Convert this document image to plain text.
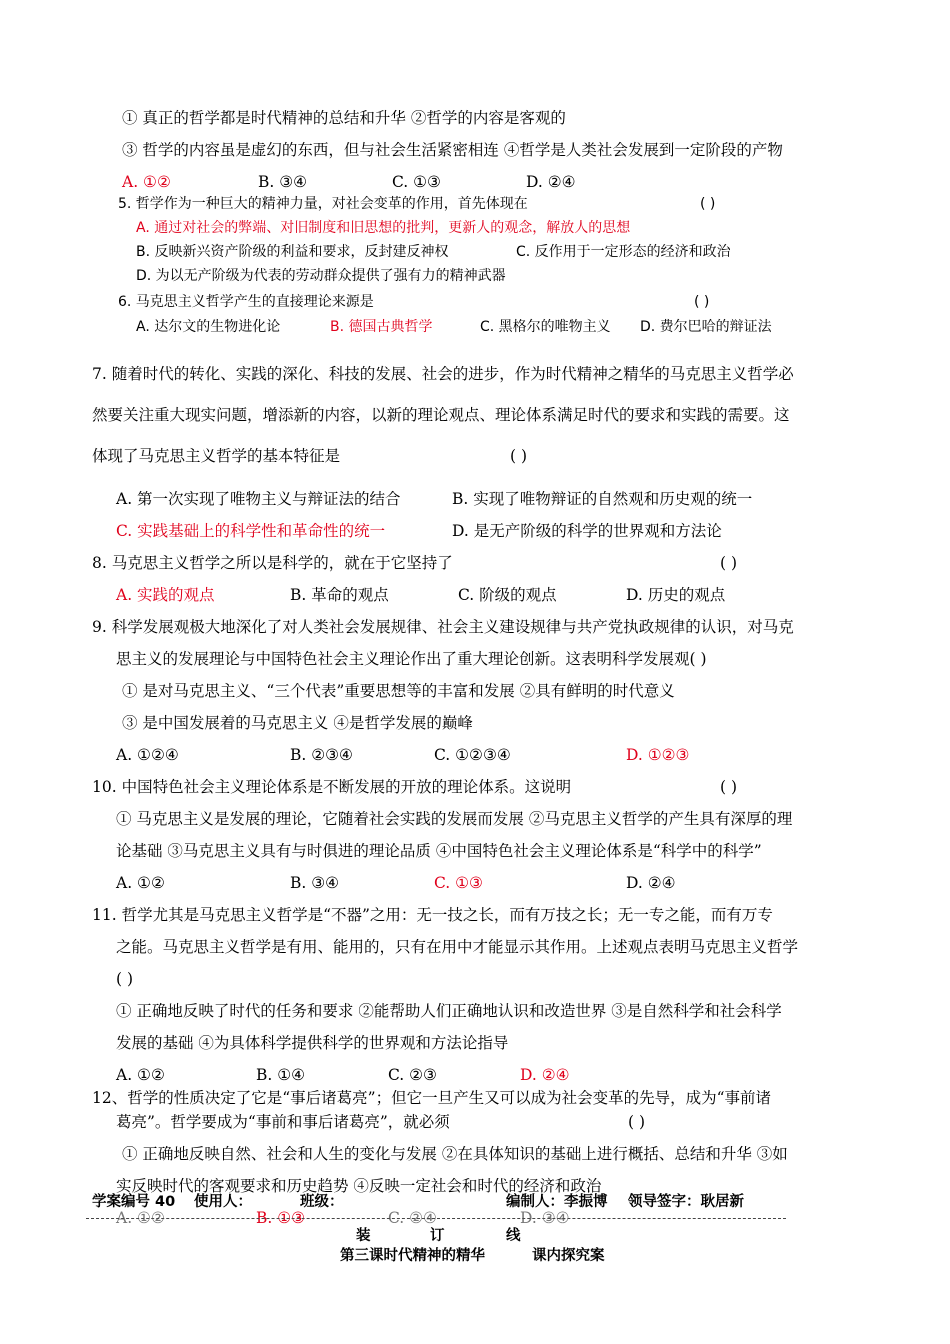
① 真正的哲学都是时代精神的总结和升华 ②哲学的内容是客观的
③ 哲学的内容虽是虚幻的东西，但与社会生活紧密相连 ④哲学是人类社会发展到一定阶段的产物
A. ①②	B. ③④	C. ①③	D. ②④
5. 哲学作为一种巨大的精神力量，对社会变革的作用，首先体现在	( )
A. 通过对社会的弊端、对旧制度和旧思想的批判，更新人的观念，解放人的思想
B. 反映新兴资产阶级的利益和要求，反封建反神权	C. 反作用于一定形态的经济和政治
D. 为以无产阶级为代表的劳动群众提供了强有力的精神武器
6. 马克思主义哲学产生的直接理论来源是	( )
A. 达尔文的生物进化论	B. 德国古典哲学	C. 黑格尔的唯物主义 D. 费尔巴哈的辩证法
7. 随着时代的转化、实践的深化、科技的发展、社会的进步，作为时代精神之精华的马克思主义哲学必
然要关注重大现实问题，增添新的内容，以新的理论观点、理论体系满足时代的要求和实践的需要。这
体现了马克思主义哲学的基本特征是	( )
A. 第一次实现了唯物主义与辩证法的结合	B. 实现了唯物辩证的自然观和历史观的统一
C. 实践基础上的科学性和革命性的统一	D. 是无产阶级的科学的世界观和方法论
8. 马克思主义哲学之所以是科学的，就在于它坚持了	( )
A. 实践的观点	B. 革命的观点	C. 阶级的观点	D. 历史的观点
9. 科学发展观极大地深化了对人类社会发展规律、社会主义建设规律与共产党执政规律的认识，对马克
思主义的发展理论与中国特色社会主义理论作出了重大理论创新。这表明科学发展观( )
① 是对马克思主义、“三个代表”重要思想等的丰富和发展 ②具有鲜明的时代意义
③ 是中国发展着的马克思主义 ④是哲学发展的巅峰
A. ①②④	B. ②③④	C. ①②③④	D. ①②③
10. 中国特色社会主义理论体系是不断发展的开放的理论体系。这说明	( )
① 马克思主义是发展的理论，它随着社会实践的发展而发展 ②马克思主义哲学的产生具有深厚的理
论基础 ③马克思主义具有与时俱进的理论品质 ④中国特色社会主义理论体系是“科学中的科学”
A. ①②	B. ③④	C. ①③	D. ②④
11. 哲学尤其是马克思主义哲学是“不器”之用：无一技之长，而有万技之长；无一专之能，而有万专
之能。马克思主义哲学是有用、能用的，只有在用中才能显示其作用。上述观点表明马克思主义哲学
( )
① 正确地反映了时代的任务和要求 ②能帮助人们正确地认识和改造世界 ③是自然科学和社会科学
发展的基础 ④为具体科学提供科学的世界观和方法论指导
A. ①②	B. ①④	C. ②③	D. ②④
12、哲学的性质决定了它是“事后诸葛亮”；但它一旦产生又可以成为社会变革的先导，成为“事前诸
葛亮”。哲学要成为“事前和事后诸葛亮”，就必须	( )
① 正确地反映自然、社会和人生的变化与发展 ②在具体知识的基础上进行概括、总结和升华 ③如
实反映时代的客观要求和历史趋势 ④反映一定社会和时代的经济和政治
A. ①②	B. ①③	C. ②④	D. ③④
学案编号 40 使用人：	班级：	编制人：李振博 领导签字：耿居新
装	订	线
第三课时代精神的精华	课内探究案
